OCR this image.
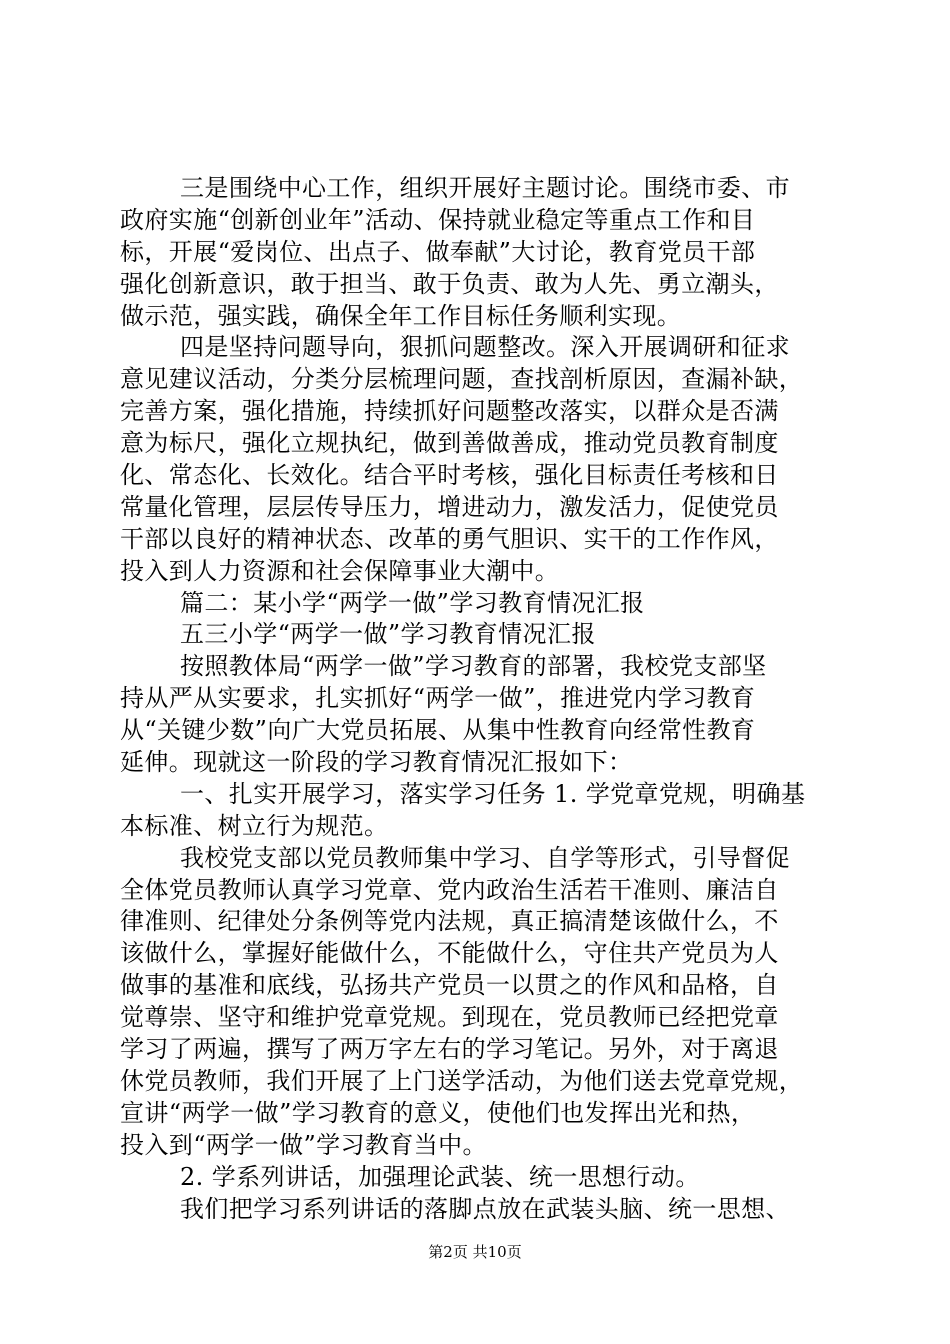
三是围绕中心工作，组织开展好主题讨论。围绕市委、市
政府实施“创新创业年”活动、保持就业稳定等重点工作和目
标，开展“爱岗位、出点子、做奉献”大讨论，教育党员干部
强化创新意识，敢于担当、敢于负责、敢为人先、勇立潮头，
做示范，强实践，确保全年工作目标任务顺利实现。
四是坚持问题导向，狠抓问题整改。深入开展调研和征求
意见建议活动，分类分层梳理问题，查找剖析原因，查漏补缺，
完善方案，强化措施，持续抓好问题整改落实，以群众是否满
意为标尺，强化立规执纪，做到善做善成，推动党员教育制度
化、常态化、长效化。结合平时考核，强化目标责任考核和日
常量化管理，层层传导压力，增进动力，激发活力，促使党员
干部以良好的精神状态、改革的勇气胆识、实干的工作作风，
投入到人力资源和社会保障事业大潮中。
篇二：某小学“两学一做”学习教育情况汇报
五三小学“两学一做”学习教育情况汇报
按照教体局“两学一做”学习教育的部署，我校党支部坚
持从严从实要求，扎实抓好“两学一做”，推进党内学习教育
从“关键少数”向广大党员拓展、从集中性教育向经常性教育
延伸。现就这一阶段的学习教育情况汇报如下：
一、扎实开展学习，落实学习任务 1. 学党章党规，明确基
本标准、树立行为规范。
我校党支部以党员教师集中学习、自学等形式，引导督促
全体党员教师认真学习党章、党内政治生活若干准则、廉洁自
律准则、纪律处分条例等党内法规，真正搞清楚该做什么，不
该做什么，掌握好能做什么，不能做什么，守住共产党员为人
做事的基准和底线，弘扬共产党员一以贯之的作风和品格，自
觉尊崇、坚守和维护党章党规。到现在，党员教师已经把党章
学习了两遍，撰写了两万字左右的学习笔记。另外，对于离退
休党员教师，我们开展了上门送学活动，为他们送去党章党规，
宣讲“两学一做”学习教育的意义，使他们也发挥出光和热，
投入到“两学一做”学习教育当中。
2. 学系列讲话，加强理论武装、统一思想行动。
我们把学习系列讲话的落脚点放在武装头脑、统一思想、
第2页 共10页
